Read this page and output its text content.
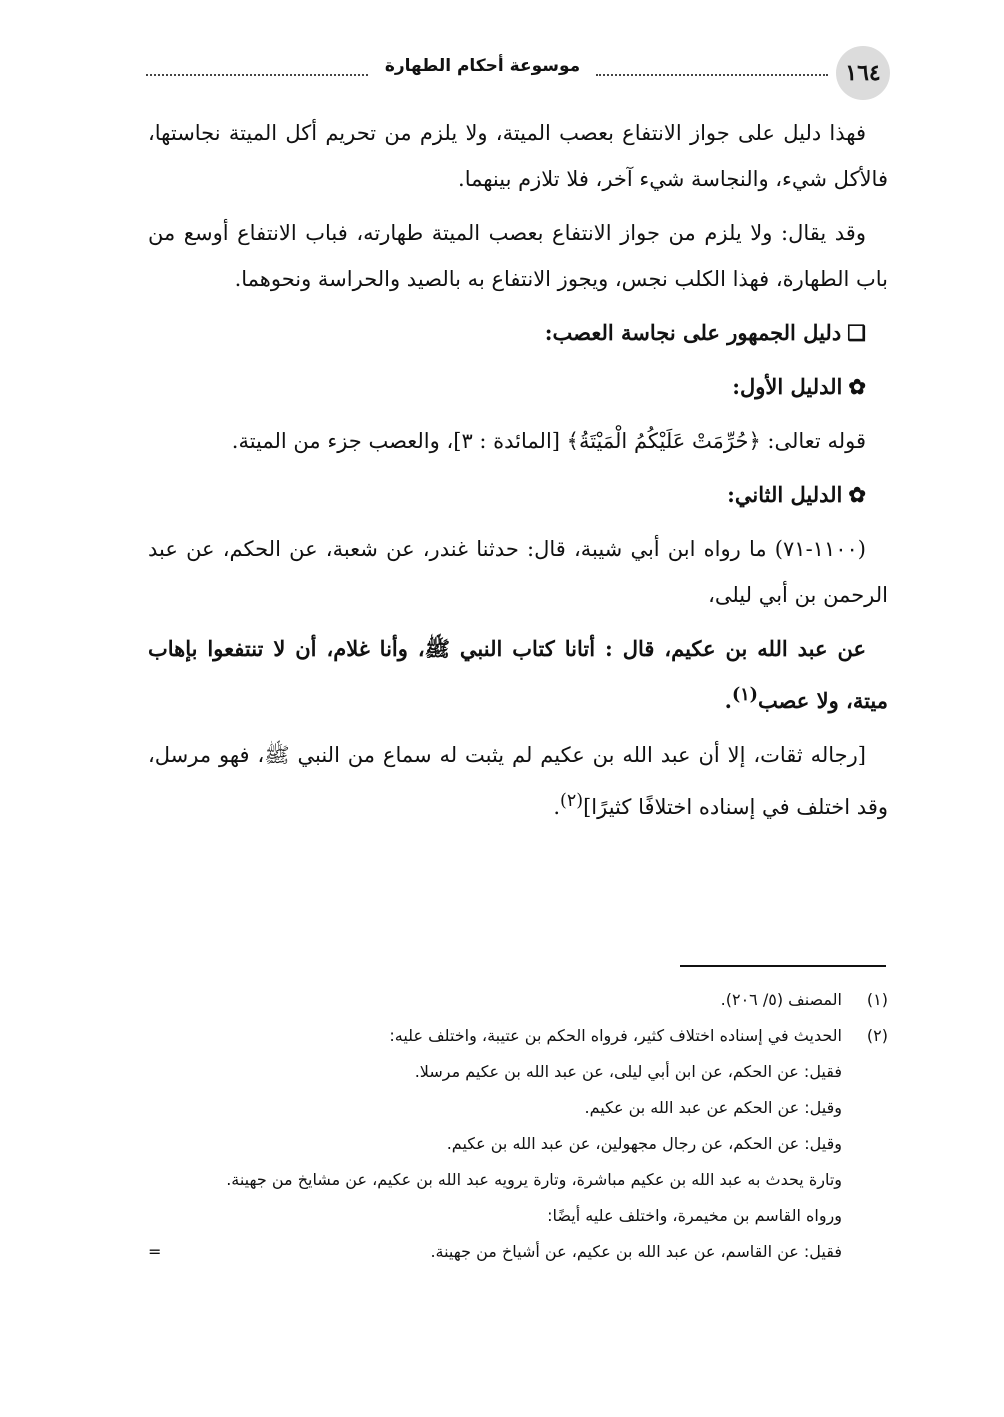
١٦٤
موسوعة أحكام الطهارة

فهذا دليل على جواز الانتفاع بعصب الميتة، ولا يلزم من تحريم أكل الميتة نجاستها، فالأكل شيء، والنجاسة شيء آخر، فلا تلازم بينهما.

وقد يقال: ولا يلزم من جواز الانتفاع بعصب الميتة طهارته، فباب الانتفاع أوسع من باب الطهارة، فهذا الكلب نجس، ويجوز الانتفاع به بالصيد والحراسة ونحوهما.

❑دليل الجمهور على نجاسة العصب:
✿الدليل الأول:

قوله تعالى: ﴿حُرِّمَتْ عَلَيْكُمُ الْمَيْتَةُ﴾ [المائدة : ٣]، والعصب جزء من الميتة.

✿الدليل الثاني:

(١١٠٠-٧١) ما رواه ابن أبي شيبة، قال: حدثنا غندر، عن شعبة، عن الحكم، عن عبد الرحمن بن أبي ليلى،

عن عبد الله بن عكيم، قال : أتانا كتاب النبي ﷺ، وأنا غلام، أن لا تنتفعوا بإهاب ميتة، ولا عصب$^{(١)}$.

[رجاله ثقات، إلا أن عبد الله بن عكيم لم يثبت له سماع من النبي ﷺ، فهو مرسل، وقد اختلف في إسناده اختلافًا كثيرًا]$^{(٢)}$.

(١)المصنف (٥/ ٢٠٦).

(٢)الحديث في إسناده اختلاف كثير، فرواه الحكم بن عتيبة، واختلف عليه:

فقيل: عن الحكم، عن ابن أبي ليلى، عن عبد الله بن عكيم مرسلا.

وقيل: عن الحكم عن عبد الله بن عكيم.

وقيل: عن الحكم، عن رجال مجهولين، عن عبد الله بن عكيم.

وتارة يحدث به عبد الله بن عكيم مباشرة، وتارة يرويه عبد الله بن عكيم، عن مشايخ من جهينة.

ورواه القاسم بن مخيمرة، واختلف عليه أيضًا:

فقيل: عن القاسم، عن عبد الله بن عكيم، عن أشياخ من جهينة.
=
